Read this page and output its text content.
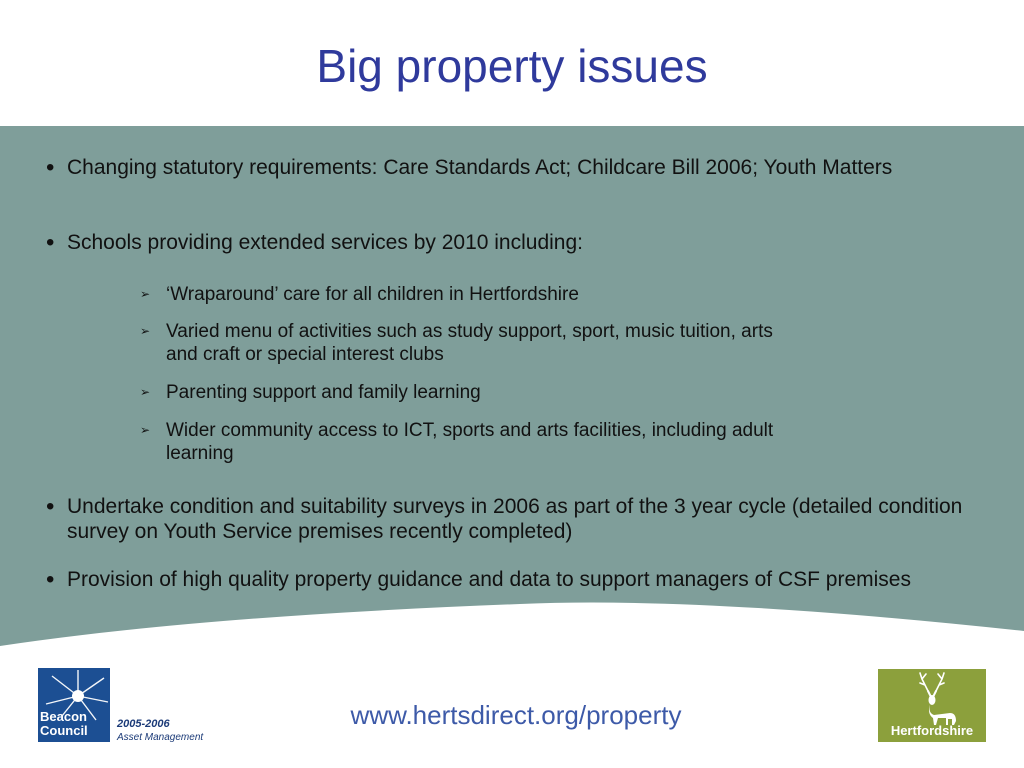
Big property issues
• Changing statutory requirements: Care Standards Act; Childcare Bill 2006; Youth Matters
• Schools providing extended services by 2010 including:
➢ ‘Wraparound’ care for all children in Hertfordshire
➢ Varied menu of activities such as study support, sport, music tuition, arts and craft or special interest clubs
➢ Parenting support and family learning
➢ Wider community access to ICT, sports and arts facilities, including adult learning
• Undertake condition and suitability surveys in 2006 as part of the 3 year cycle (detailed condition survey on Youth Service premises recently completed)
• Provision of high quality property guidance and data to support managers of CSF premises
Beacon
Council	2005-2006
Asset Management
www.hertsdirect.org/property
Hertfordshire
